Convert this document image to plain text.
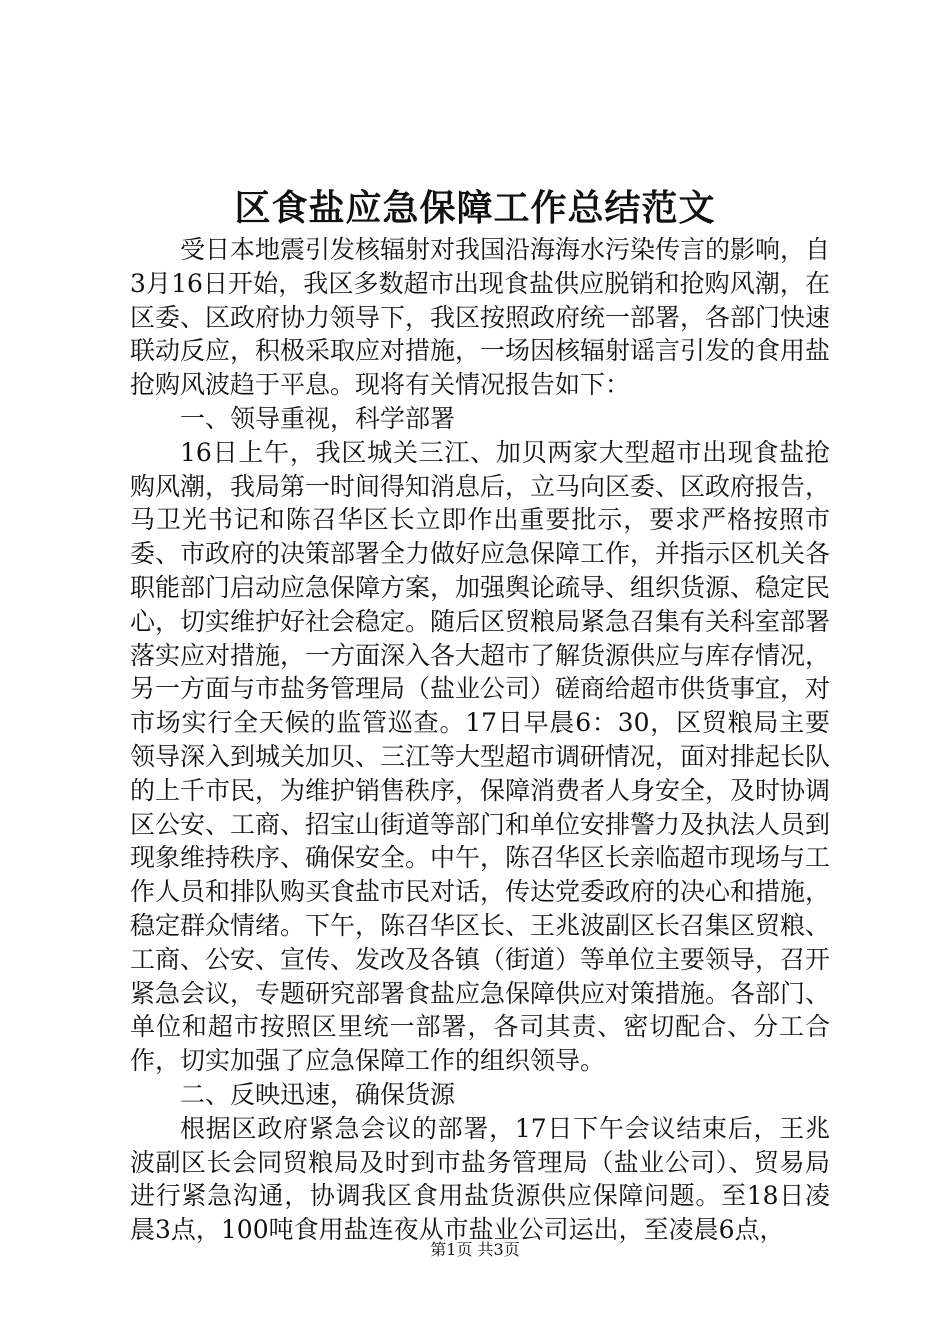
区食盐应急保障工作总结范文

受日本地震引发核辐射对我国沿海海水污染传言的影响，自3月16日开始，我区多数超市出现食盐供应脱销和抢购风潮，在区委、区政府协力领导下，我区按照政府统一部署，各部门快速联动反应，积极采取应对措施，一场因核辐射谣言引发的食用盐抢购风波趋于平息。现将有关情况报告如下：

一、领导重视，科学部署

16日上午，我区城关三江、加贝两家大型超市出现食盐抢购风潮，我局第一时间得知消息后，立马向区委、区政府报告，马卫光书记和陈召华区长立即作出重要批示，要求严格按照市委、市政府的决策部署全力做好应急保障工作，并指示区机关各职能部门启动应急保障方案，加强舆论疏导、组织货源、稳定民心，切实维护好社会稳定。随后区贸粮局紧急召集有关科室部署落实应对措施，一方面深入各大超市了解货源供应与库存情况，另一方面与市盐务管理局（盐业公司）磋商给超市供货事宜，对市场实行全天候的监管巡查。17日早晨6：30，区贸粮局主要领导深入到城关加贝、三江等大型超市调研情况，面对排起长队的上千市民，为维护销售秩序，保障消费者人身安全，及时协调区公安、工商、招宝山街道等部门和单位安排警力及执法人员到现象维持秩序、确保安全。中午，陈召华区长亲临超市现场与工作人员和排队购买食盐市民对话，传达党委政府的决心和措施，稳定群众情绪。下午，陈召华区长、王兆波副区长召集区贸粮、工商、公安、宣传、发改及各镇（街道）等单位主要领导，召开紧急会议，专题研究部署食盐应急保障供应对策措施。各部门、单位和超市按照区里统一部署，各司其责、密切配合、分工合作，切实加强了应急保障工作的组织领导。

二、反映迅速，确保货源

根据区政府紧急会议的部署，17日下午会议结束后，王兆波副区长会同贸粮局及时到市盐务管理局（盐业公司）、贸易局进行紧急沟通，协调我区食用盐货源供应保障问题。至18日凌晨3点，100吨食用盐连夜从市盐业公司运出，至凌晨6点，

第1页 共3页
